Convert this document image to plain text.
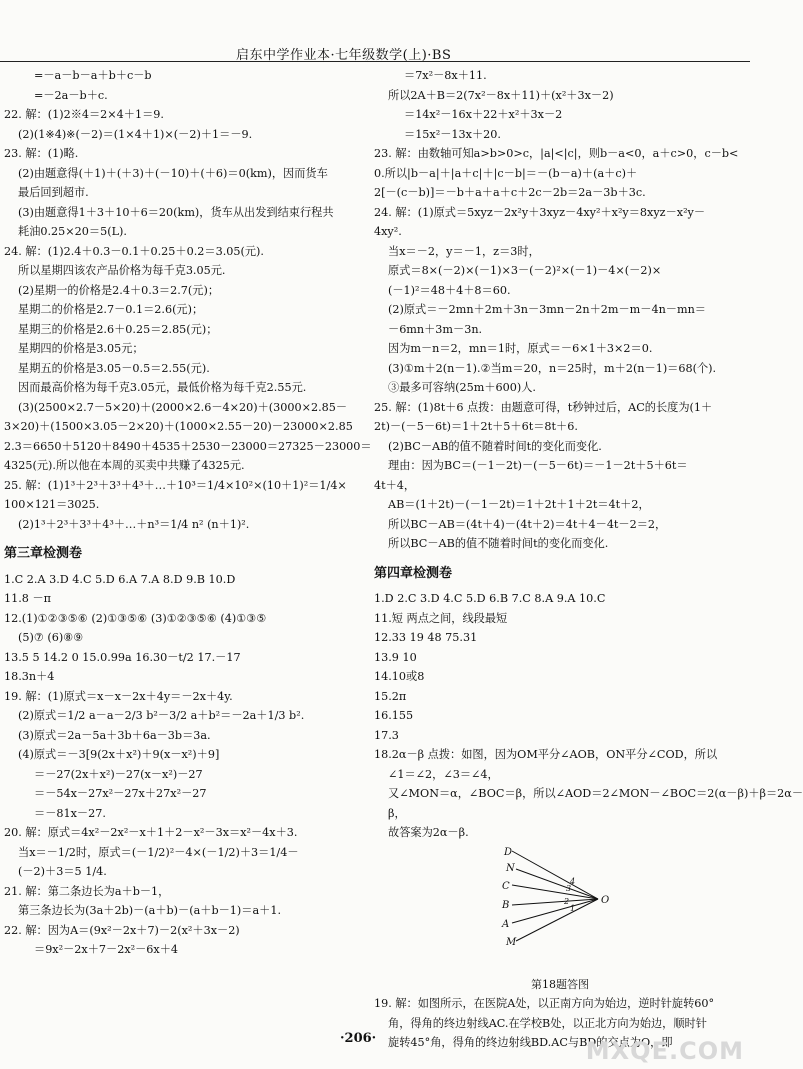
启东中学作业本·七年级数学(上)·BS
=－a－b－a＋b＋c－b
=－2a－b＋c.
22. 解：(1)2※4＝2×4＋1＝9.
(2)(1※4)※(－2)＝(1×4＋1)×(－2)＋1＝－9.
23. 解：(1)略.
(2)由题意得(＋1)＋(＋3)＋(－10)＋(＋6)＝0(km)，因而货车
最后回到超市.
(3)由题意得1＋3＋10＋6＝20(km)，货车从出发到结束行程共
耗油0.25×20＝5(L).
24. 解：(1)2.4＋0.3－0.1＋0.25＋0.2＝3.05(元).
所以星期四该农产品价格为每千克3.05元.
(2)星期一的价格是2.4＋0.3＝2.7(元)；
星期二的价格是2.7－0.1＝2.6(元)；
星期三的价格是2.6＋0.25＝2.85(元)；
星期四的价格是3.05元；
星期五的价格是3.05－0.5＝2.55(元).
因而最高价格为每千克3.05元，最低价格为每千克2.55元.
(3)(2500×2.7－5×20)＋(2000×2.6－4×20)＋(3000×2.85－
3×20)＋(1500×3.05－2×20)＋(1000×2.55－20)－23000×2.85
2.3＝6650＋5120＋8490＋4535＋2530－23000＝27325－23000＝
4325(元).所以他在本周的买卖中共赚了4325元.
25. 解：(1)1³＋2³＋3³＋4³＋…＋10³＝1/4×10²×(10＋1)²＝1/4×
100×121＝3025.
(2)1³＋2³＋3³＋4³＋…＋n³＝1/4 n² (n＋1)².
第三章检测卷
1.C 2.A 3.D 4.C 5.D 6.A 7.A 8.D 9.B 10.D
11.8 －π
12.(1)①②③⑤⑥ (2)①③⑤⑥ (3)①②③⑤⑥ (4)①③⑤
(5)⑦ (6)⑧⑨
13.5 5 14.2 0 15.0.99a 16.30－t/2 17.－17
18.3n＋4
19. 解：(1)原式＝x－x－2x＋4y＝－2x＋4y.
(2)原式＝1/2 a－a－2/3 b²－3/2 a＋b²＝－2a＋1/3 b².
(3)原式＝2a－5a＋3b＋6a－3b＝3a.
(4)原式＝－3[9(2x＋x²)＋9(x－x²)＋9]
＝－27(2x＋x²)－27(x－x²)－27
＝－54x－27x²－27x＋27x²－27
＝－81x－27.
20. 解：原式＝4x²－2x²－x＋1＋2－x²－3x＝x²－4x＋3.
当x＝－1/2时，原式＝(－1/2)²－4×(－1/2)＋3＝1/4－
(－2)＋3＝5 1/4.
21. 解：第二条边长为a＋b－1，
第三条边长为(3a＋2b)－(a＋b)－(a＋b－1)＝a＋1.
22. 解：因为A＝(9x²－2x＋7)－2(x²＋3x－2)
＝9x²－2x＋7－2x²－6x＋4
＝7x²－8x＋11.
所以2A＋B＝2(7x²－8x＋11)＋(x²＋3x－2)
＝14x²－16x＋22＋x²＋3x－2
＝15x²－13x＋20.
23. 解：由数轴可知a>b>0>c，|a|<|c|，则b－a<0，a＋c>0，c－b<
0.所以|b－a|＋|a＋c|＋|c－b|＝－(b－a)＋(a＋c)＋
2[－(c－b)]＝－b＋a＋a＋c＋2c－2b＝2a－3b＋3c.
24. 解：(1)原式＝5xyz－2x²y＋3xyz－4xy²＋x²y＝8xyz－x²y－
4xy².
当x＝－2，y＝－1，z＝3时，
原式＝8×(－2)×(－1)×3－(－2)²×(－1)－4×(－2)×
(－1)²＝48＋4＋8＝60.
(2)原式＝－2mn＋2m＋3n－3mn－2n＋2m－m－4n－mn＝
－6mn＋3m－3n.
因为m－n＝2，mn＝1时，原式＝－6×1＋3×2＝0.
(3)①m＋2(n－1).②当m＝20，n＝25时，m＋2(n－1)＝68(个).
③最多可容纳(25m＋600)人.
25. 解：(1)8t＋6 点拨：由题意可得，t秒钟过后，AC的长度为(1＋
2t)－(－5－6t)＝1＋2t＋5＋6t＝8t＋6.
(2)BC－AB的值不随着时间t的变化而变化.
理由：因为BC＝(－1－2t)－(－5－6t)＝－1－2t＋5＋6t＝
4t＋4，
AB＝(1＋2t)－(－1－2t)＝1＋2t＋1＋2t＝4t＋2，
所以BC－AB＝(4t＋4)－(4t＋2)＝4t＋4－4t－2＝2，
所以BC－AB的值不随着时间t的变化而变化.
第四章检测卷
1.D 2.C 3.D 4.C 5.D 6.B 7.C 8.A 9.A 10.C
11.短 两点之间，线段最短
12.33 19 48 75.31
13.9 10
14.10或8
15.2π
16.155
17.3
18.2α－β 点拨：如图，因为OM平分∠AOB，ON平分∠COD，所以
∠1＝∠2，∠3＝∠4，
又∠MON＝α，∠BOC＝β，所以∠AOD＝2∠MON－∠BOC＝2(α－β)＋β＝2α－
β，
故答案为2α－β.
D
N
C
B
A
M
O
1
2
3
4
第18题答图
19. 解：如图所示，在医院A处，以正南方向为始边，逆时针旋转60°
角，得角的终边射线AC.在学校B处，以正北方向为始边，顺时针
旋转45°角，得角的终边射线BD.AC与BD的交点为Q，即
·206·	MXQE.COM
